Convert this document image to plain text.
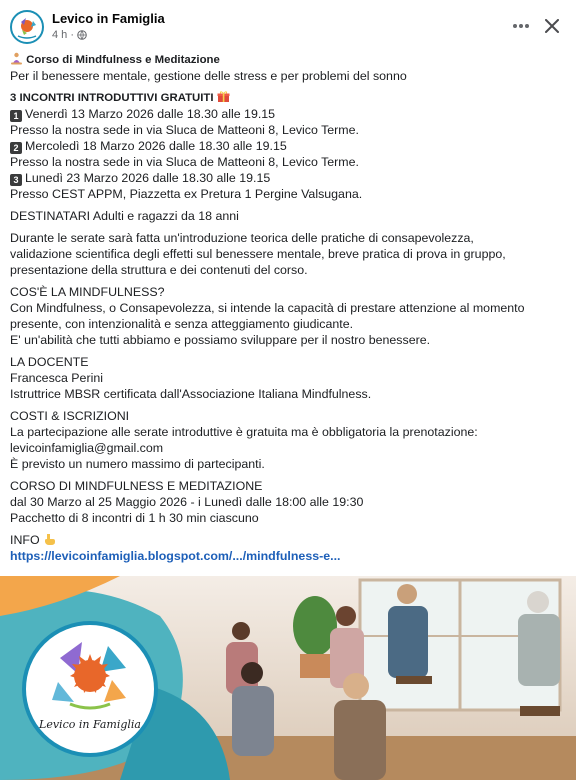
Levico in Famiglia
4 h ·
Corso di Mindfulness e Meditazione
Per il benessere mentale, gestione delle stress e per problemi del sonno
3 INCONTRI INTRODUTTIVI GRATUITI
1 Venerdì 13 Marzo 2026 dalle 18.30 alle 19.15
Presso la nostra sede in via Sluca de Matteoni 8, Levico Terme.
2 Mercoledì 18 Marzo 2026 dalle 18.30 alle 19.15
Presso la nostra sede in via Sluca de Matteoni 8, Levico Terme.
3 Lunedì 23 Marzo 2026 dalle 18.30 alle 19.15
Presso CEST APPM, Piazzetta ex Pretura 1 Pergine Valsugana.
DESTINATARI Adulti e ragazzi da 18 anni
Durante le serate sarà fatta un'introduzione teorica delle pratiche di consapevolezza,
validazione scientifica degli effetti sul benessere mentale, breve pratica di prova in gruppo,
presentazione della struttura e dei contenuti del corso.
COS'È LA MINDFULNESS?
Con Mindfulness, o Consapevolezza, si intende la capacità di prestare attenzione al momento
presente, con intenzionalità e senza atteggiamento giudicante.
E' un'abilità che tutti abbiamo e possiamo sviluppare per il nostro benessere.
LA DOCENTE
Francesca Perini
Istruttrice MBSR certificata dall'Associazione Italiana Mindfulness.
COSTI & ISCRIZIONI
La partecipazione alle serate introduttive è gratuita ma è obbligatoria la prenotazione:
levicoinfamiglia@gmail.com
È previsto un numero massimo di partecipanti.
CORSO DI MINDFULNESS E MEDITAZIONE
dal 30 Marzo al 25 Maggio 2026 - i Lunedì dalle 18:00 alle 19:30
Pacchetto di 8 incontri di 1 h 30 min ciascuno
INFO
https://levicoinfamiglia.blogspot.com/.../mindfulness-e...
Levico in Famiglia
